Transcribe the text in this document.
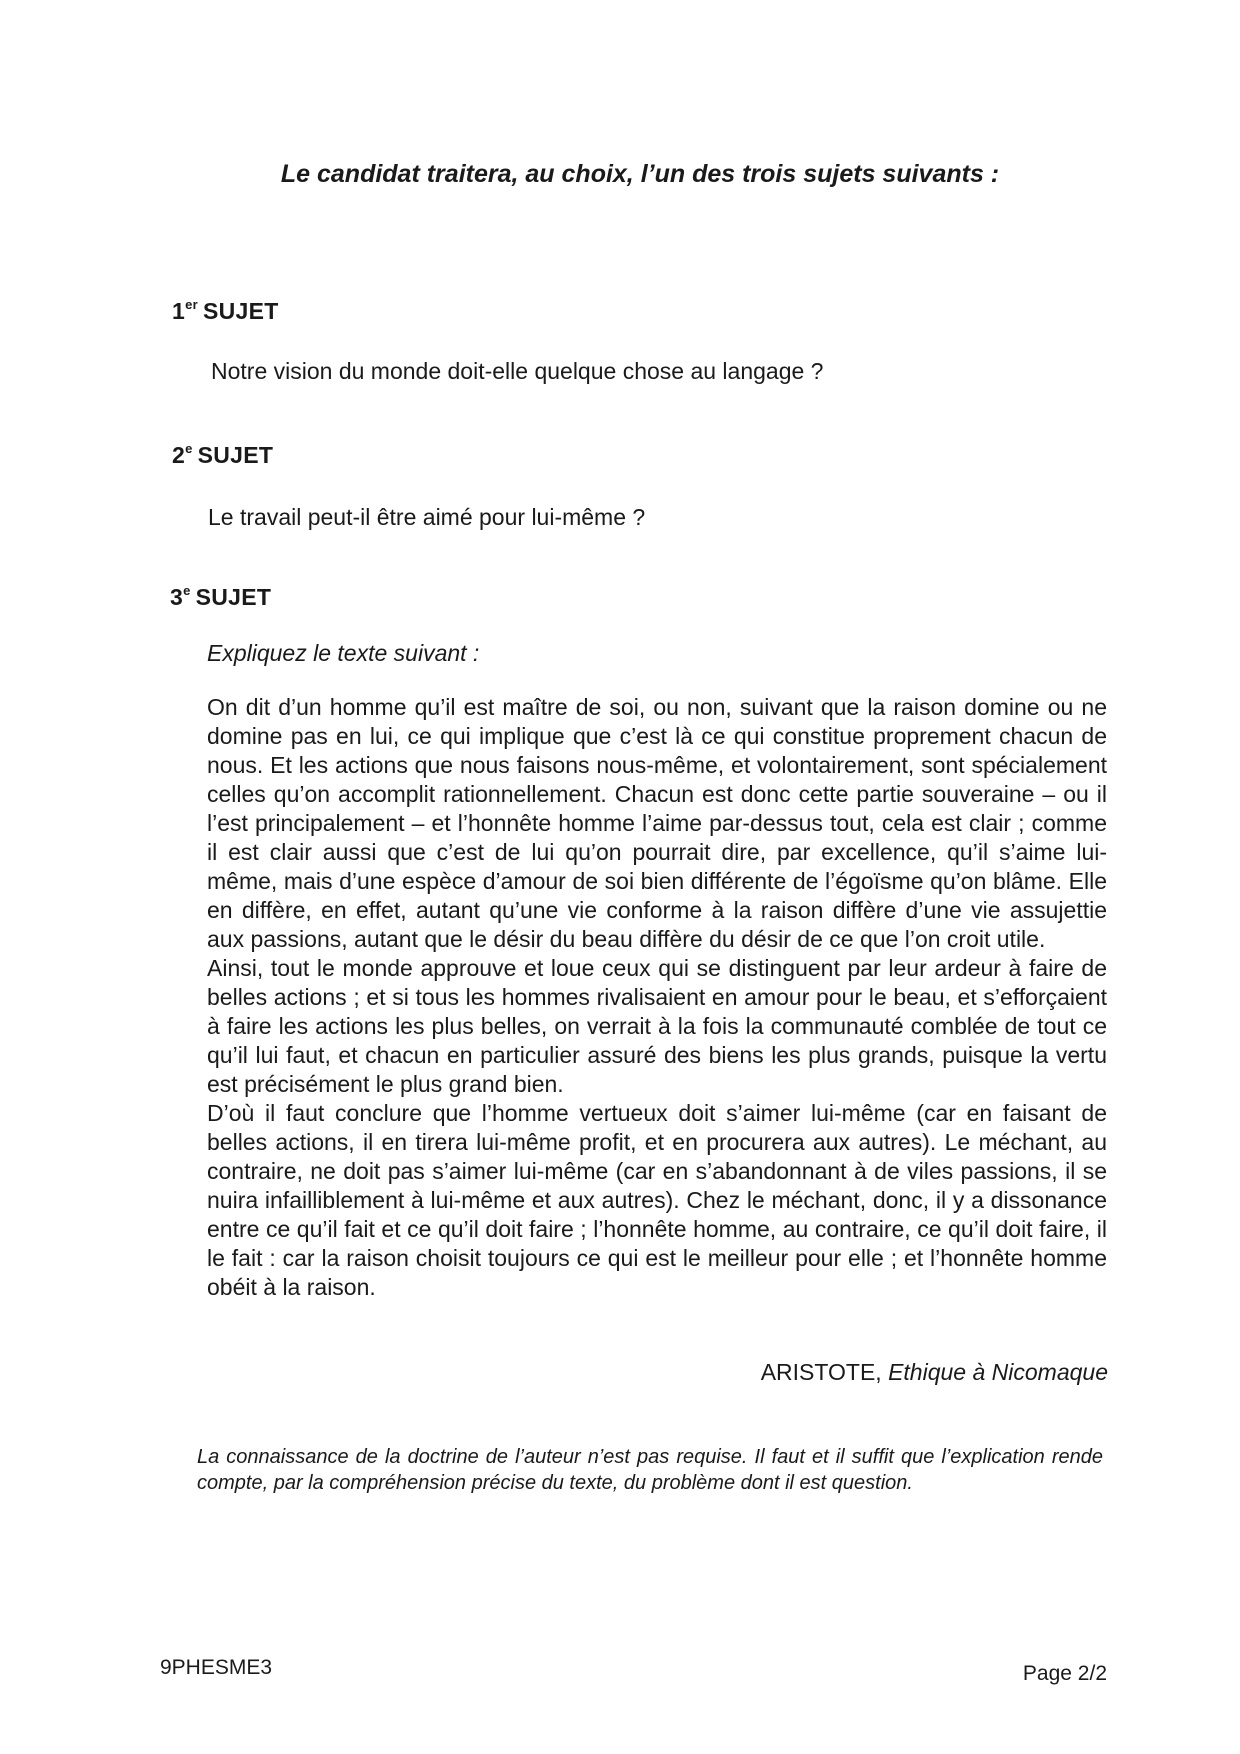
Le candidat traitera, au choix, l’un des trois sujets suivants :
1er SUJET
Notre vision du monde doit-elle quelque chose au langage ?
2e SUJET
Le travail peut-il être aimé pour lui-même ?
3e SUJET
Expliquez le texte suivant :

On dit d’un homme qu’il est maître de soi, ou non, suivant que la raison domine ou ne domine pas en lui, ce qui implique que c’est là ce qui constitue proprement chacun de nous. Et les actions que nous faisons nous-même, et volontairement, sont spécialement celles qu’on accomplit rationnellement. Chacun est donc cette partie souveraine – ou il l’est principalement – et l’honnête homme l’aime par-dessus tout, cela est clair ; comme il est clair aussi que c’est de lui qu’on pourrait dire, par excellence, qu’il s’aime lui-même, mais d’une espèce d’amour de soi bien différente de l’égoïsme qu’on blâme. Elle en diffère, en effet, autant qu’une vie conforme à la raison diffère d’une vie assujettie aux passions, autant que le désir du beau diffère du désir de ce que l’on croit utile.

Ainsi, tout le monde approuve et loue ceux qui se distinguent par leur ardeur à faire de belles actions ; et si tous les hommes rivalisaient en amour pour le beau, et s’efforçaient à faire les actions les plus belles, on verrait à la fois la communauté comblée de tout ce qu’il lui faut, et chacun en particulier assuré des biens les plus grands, puisque la vertu est précisément le plus grand bien.

D’où il faut conclure que l’homme vertueux doit s’aimer lui-même (car en faisant de belles actions, il en tirera lui-même profit, et en procurera aux autres). Le méchant, au contraire, ne doit pas s’aimer lui-même (car en s’abandonnant à de viles passions, il se nuira infailliblement à lui-même et aux autres). Chez le méchant, donc, il y a dissonance entre ce qu’il fait et ce qu’il doit faire ; l’honnête homme, au contraire, ce qu’il doit faire, il le fait : car la raison choisit toujours ce qui est le meilleur pour elle ; et l’honnête homme obéit à la raison.

ARISTOTE, Ethique à Nicomaque
La connaissance de la doctrine de l’auteur n’est pas requise. Il faut et il suffit que l’explication rende compte, par la compréhension précise du texte, du problème dont il est question.
9PHESME3	Page 2/2
